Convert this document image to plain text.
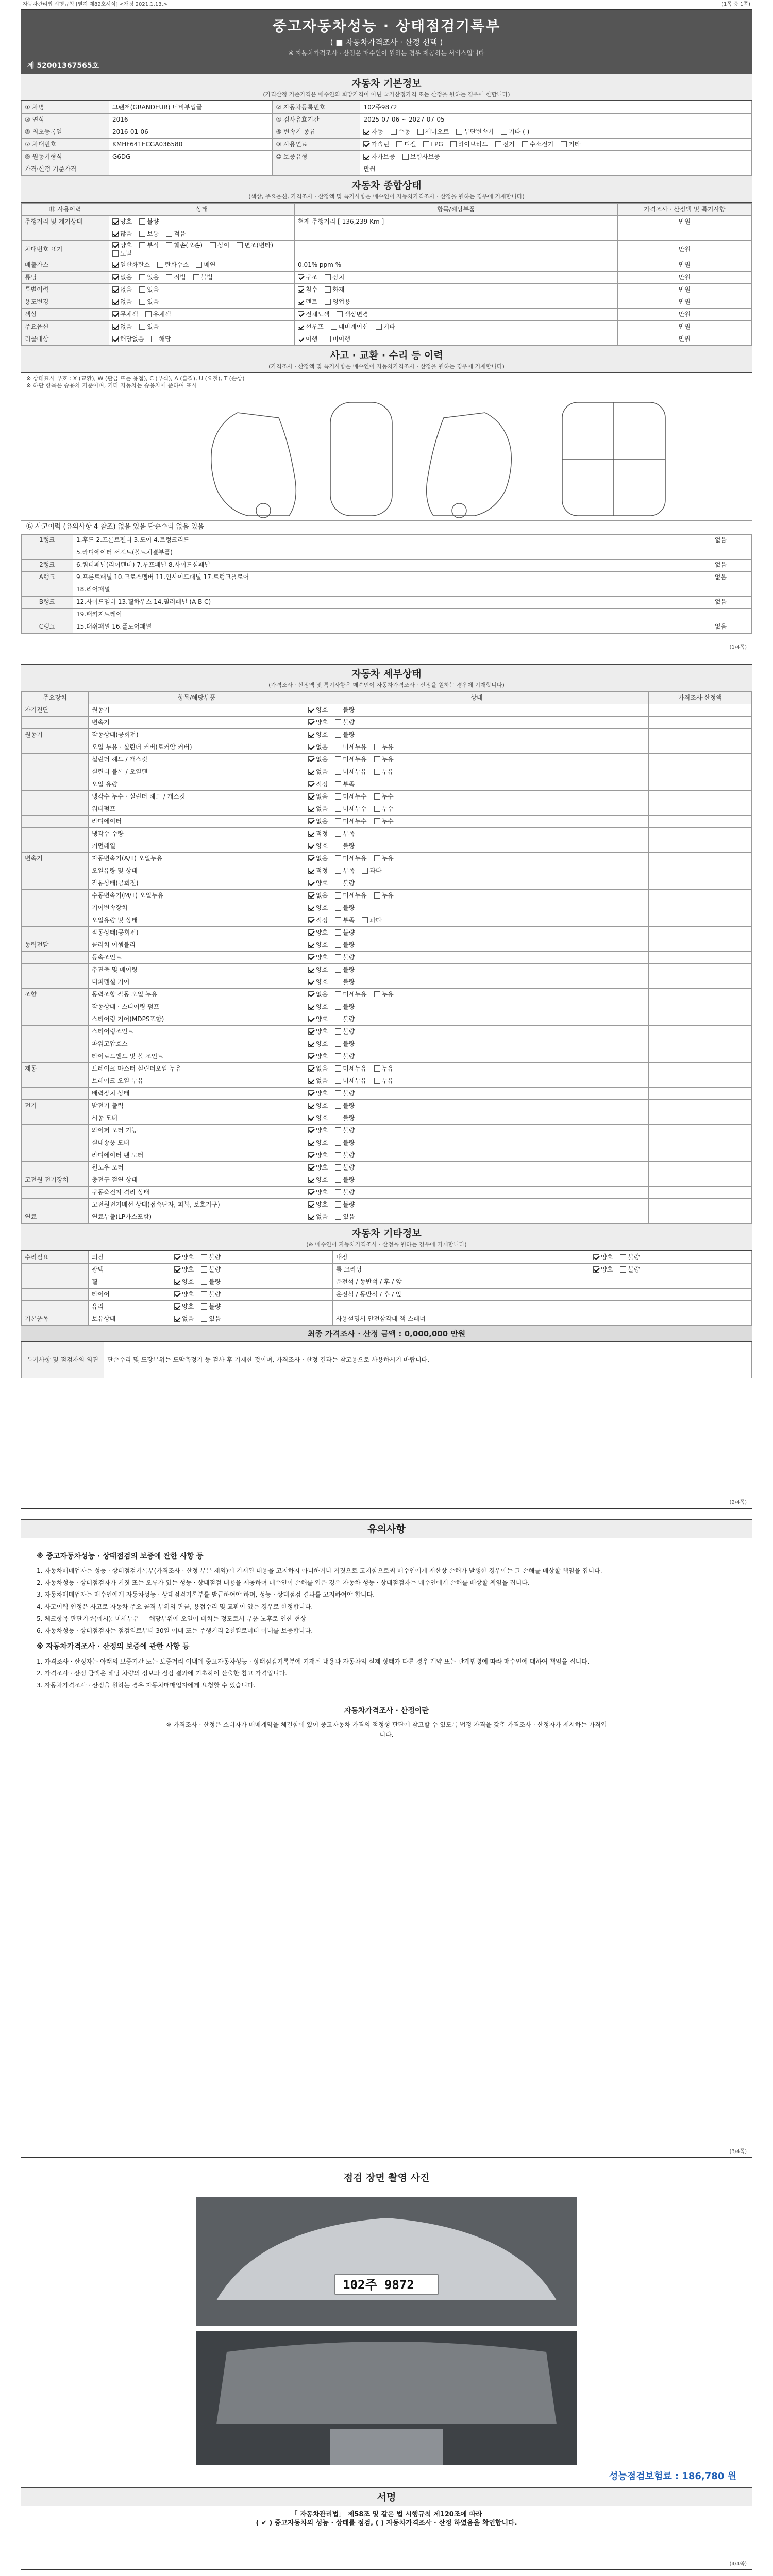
자동차관리법 시행규칙 [별지 제82호서식] <개정 2021.1.13.>	(1쪽 중 1쪽)
중고자동차성능 · 상태점검기록부
( ■ 자동차가격조사 · 산정 선택 )
※ 자동차가격조사 · 산정은 매수인이 원하는 경우 제공하는 서비스입니다
제 52001367565호
자동차 기본정보

(가격산정 기준가격은 매수인의 희망가격이 아닌 국가산정가격 또는 산정을 원하는 경우에 한합니다)

① 차명	그랜저(GRANDEUR) 너비부업글	② 자동차등록번호	102주9872
③ 연식	2016	④ 검사유효기간	2025-07-06 ~ 2027-07-05
⑤ 최초등록일	2016-01-06	⑥ 변속기 종류	자동 수동 세미오토 무단변속기 기타 ( )
⑦ 차대번호	KMHF641ECGA036580	⑧ 사용연료	가솔린 디젤 LPG 하이브리드 전기 수소전기 기타
⑨ 원동기형식	G6DG	⑩ 보증유형	자가보증 보험사보증
가격·산정 기준가격			만원
자동차 종합상태

(색상, 주요옵션, 가격조사 · 산정액 및 특기사항은 매수인이 자동차가격조사 · 산정을 원하는 경우에 기재합니다)

⑪ 사용이력	상태	항목/해당부품	가격조사 · 산정액 및 특기사항
주행거리 및 계기상태	양호 불량	현재 주행거리 [ 136,239 Km ]	만원
	많음 보통 적음		
차대번호 표기	양호 부식 훼손(오손) 상이 변조(변타)도말		만원
배출가스	일산화탄소 탄화수소 매연	0.01% ppm %	만원
튜닝	없음 있음 적법 불법	구조 장치	만원
특별이력	없음 있음	침수 화재	만원
용도변경	없음 있음	렌트 영업용	만원
색상	무채색 유채색	전체도색 색상변경	만원
주요옵션	없음 있음	선루프 네비게이션 기타	만원
리콜대상	해당없음 해당	이행 미이행	만원
사고 · 교환 · 수리 등 이력

(가격조사 · 산정액 및 특기사항은 매수인이 자동차가격조사 · 산정을 원하는 경우에 기재합니다)

※ 상태표시 부호 : X (교환), W (판금 또는 용접), C (부식), A (흠집), U (요철), T (손상)
※ 하단 항목은 승용차 기준이며, 기타 자동차는 승용차에 준하여 표시
⑫ 사고이력 (유의사항 4 참조) 없음 있음 단순수리 없음 있음
1랭크	1.후드 2.프론트펜더 3.도어 4.트렁크리드	없음
	5.라디에이터 서포트(볼트체결부품)	
2랭크	6.쿼터패널(리어펜더) 7.루프패널 8.사이드실패널	없음
A랭크	9.프론트패널 10.크로스멤버 11.인사이드패널 17.트렁크플로어	없음
	18.리어패널	
B랭크	12.사이드멤버 13.휠하우스 14.필러패널 (A B C)	없음
	19.패키지트레이	
C랭크	15.대쉬패널 16.플로어패널	없음
(1/4쪽)
자동차 세부상태

(가격조사 · 산정액 및 특기사항은 매수인이 자동차가격조사 · 산정을 원하는 경우에 기재합니다)

주요장치	항목/해당부품	상태	가격조사·산정액
자기진단	원동기	양호 불량	
	변속기	양호 불량	
원동기	작동상태(공회전)	양호 불량	
	오일 누유 · 실린더 커버(로커암 커버)	없음 미세누유 누유	
	실린더 헤드 / 개스킷	없음 미세누유 누유	
	실린더 블록 / 오일팬	없음 미세누유 누유	
	오일 유량	적정 부족	
	냉각수 누수 · 실린더 헤드 / 개스킷	없음 미세누수 누수	
	워터펌프	없음 미세누수 누수	
	라디에이터	없음 미세누수 누수	
	냉각수 수량	적정 부족	
	커먼레일	양호 불량	
변속기	자동변속기(A/T) 오일누유	없음 미세누유 누유	
	오일유량 및 상태	적정 부족 과다	
	작동상태(공회전)	양호 불량	
	수동변속기(M/T) 오일누유	없음 미세누유 누유	
	기어변속장치	양호 불량	
	오일유량 및 상태	적정 부족 과다	
	작동상태(공회전)	양호 불량	
동력전달	클러치 어셈블리	양호 불량	
	등속조인트	양호 불량	
	추진축 및 베어링	양호 불량	
	디퍼렌셜 기어	양호 불량	
조향	동력조향 작동 오일 누유	없음 미세누유 누유	
	작동상태 · 스티어링 펌프	양호 불량	
	스티어링 기어(MDPS포함)	양호 불량	
	스티어링조인트	양호 불량	
	파워고압호스	양호 불량	
	타이로드엔드 및 볼 조인트	양호 불량	
제동	브레이크 마스터 실린더오일 누유	없음 미세누유 누유	
	브레이크 오일 누유	없음 미세누유 누유	
	배력장치 상태	양호 불량	
전기	발전기 출력	양호 불량	
	시동 모터	양호 불량	
	와이퍼 모터 기능	양호 불량	
	실내송풍 모터	양호 불량	
	라디에이터 팬 모터	양호 불량	
	윈도우 모터	양호 불량	
고전원 전기장치	충전구 절연 상태	양호 불량	
	구동축전지 격리 상태	양호 불량	
	고전원전기배선 상태(접속단자, 피복, 보호기구)	양호 불량	
연료	연료누출(LP가스포함)	없음 있음	
자동차 기타정보

(※ 매수인이 자동차가격조사 · 산정을 원하는 경우에 기재합니다)

수리필요	외장	양호 불량	내장	양호 불량
	광택	양호 불량	룸 크리닝	양호 불량
	휠	양호 불량	운전석 / 동반석 / 후 / 앞	
	타이어	양호 불량	운전석 / 동반석 / 후 / 앞	
	유리	양호 불량		
기본품목	보유상태	없음 있음	사용설명서 안전삼각대 잭 스패너	
최종 가격조사 · 산정 금액 : 0,000,000 만원
특기사항 및 점검자의 의견	단순수리 및 도장부위는 도막측정기 등 검사 후 기재한 것이며, 가격조사 · 산정 결과는 참고용으로 사용하시기 바랍니다.
(2/4쪽)
유의사항
※ 중고자동차성능 · 상태점검의 보증에 관한 사항 등
1. 자동차매매업자는 성능 · 상태점검기록부(가격조사 · 산정 부분 제외)에 기재된 내용을 고지하지 아니하거나 거짓으로 고지함으로써 매수인에게 재산상 손해가 발생한 경우에는 그 손해를 배상할 책임을 집니다.
2. 자동차성능 · 상태점검자가 거짓 또는 오류가 있는 성능 · 상태점검 내용을 제공하여 매수인이 손해를 입은 경우 자동차 성능 · 상태점검자는 매수인에게 손해를 배상할 책임을 집니다.
3. 자동차매매업자는 매수인에게 자동차성능 · 상태점검기록부를 발급하여야 하며, 성능 · 상태점검 결과를 고지하여야 합니다.
4. 사고이력 인정은 사고로 자동차 주요 골격 부위의 판금, 용접수리 및 교환이 있는 경우로 한정합니다.
5. 체크항목 판단기준(예시): 미세누유 — 해당부위에 오일이 비치는 정도로서 부품 노후로 인한 현상
6. 자동차성능 · 상태점검자는 점검일로부터 30일 이내 또는 주행거리 2천킬로미터 이내를 보증합니다.
※ 자동차가격조사 · 산정의 보증에 관한 사항 등
1. 가격조사 · 산정자는 아래의 보증기간 또는 보증거리 이내에 중고자동차성능 · 상태점검기록부에 기재된 내용과 자동차의 실제 상태가 다른 경우 계약 또는 관계법령에 따라 매수인에 대하여 책임을 집니다.
2. 가격조사 · 산정 금액은 해당 차량의 정보와 점검 결과에 기초하여 산출한 참고 가격입니다.
3. 자동차가격조사 · 산정을 원하는 경우 자동차매매업자에게 요청할 수 있습니다.
자동차가격조사 · 산정이란
※ 가격조사 · 산정은 소비자가 매매계약을 체결함에 있어 중고자동차 가격의 적정성 판단에 참고할 수 있도록 법정 자격을 갖춘 가격조사 · 산정자가 제시하는 가격입니다.
(3/4쪽)
점검 장면 촬영 사진
102주 9872
성능점검보험료 : 186,780 원
서명
「 자동차관리법」 제58조 및 같은 법 시행규칙 제120조에 따라
( ✔ ) 중고자동차의 성능 · 상태를 점검, ( ) 자동차가격조사 · 산정 하였음을 확인합니다.
(4/4쪽)
